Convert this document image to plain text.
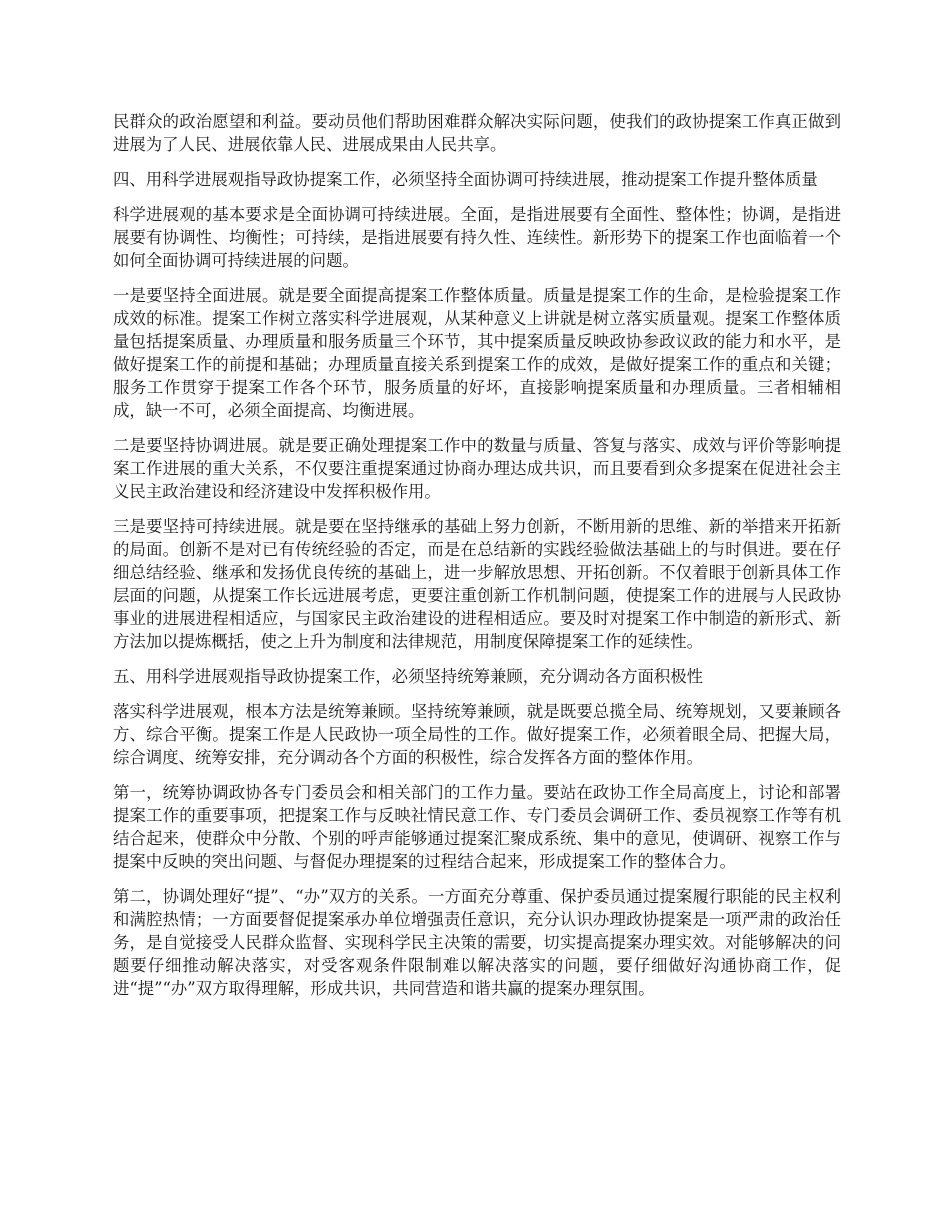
民群众的政治愿望和利益。要动员他们帮助困难群众解决实际问题，使我们的政协提案工作真正做到进展为了人民、进展依靠人民、进展成果由人民共享。

四、用科学进展观指导政协提案工作，必须坚持全面协调可持续进展，推动提案工作提升整体质量

科学进展观的基本要求是全面协调可持续进展。全面，是指进展要有全面性、整体性；协调，是指进展要有协调性、均衡性；可持续，是指进展要有持久性、连续性。新形势下的提案工作也面临着一个如何全面协调可持续进展的问题。

一是要坚持全面进展。就是要全面提高提案工作整体质量。质量是提案工作的生命，是检验提案工作成效的标准。提案工作树立落实科学进展观，从某种意义上讲就是树立落实质量观。提案工作整体质量包括提案质量、办理质量和服务质量三个环节，其中提案质量反映政协参政议政的能力和水平，是做好提案工作的前提和基础；办理质量直接关系到提案工作的成效，是做好提案工作的重点和关键；服务工作贯穿于提案工作各个环节，服务质量的好坏，直接影响提案质量和办理质量。三者相辅相成，缺一不可，必须全面提高、均衡进展。

二是要坚持协调进展。就是要正确处理提案工作中的数量与质量、答复与落实、成效与评价等影响提案工作进展的重大关系，不仅要注重提案通过协商办理达成共识，而且要看到众多提案在促进社会主义民主政治建设和经济建设中发挥积极作用。

三是要坚持可持续进展。就是要在坚持继承的基础上努力创新，不断用新的思维、新的举措来开拓新的局面。创新不是对已有传统经验的否定，而是在总结新的实践经验做法基础上的与时俱进。要在仔细总结经验、继承和发扬优良传统的基础上，进一步解放思想、开拓创新。不仅着眼于创新具体工作层面的问题，从提案工作长远进展考虑，更要注重创新工作机制问题，使提案工作的进展与人民政协事业的进展进程相适应，与国家民主政治建设的进程相适应。要及时对提案工作中制造的新形式、新方法加以提炼概括，使之上升为制度和法律规范，用制度保障提案工作的延续性。

五、用科学进展观指导政协提案工作，必须坚持统筹兼顾，充分调动各方面积极性

落实科学进展观，根本方法是统筹兼顾。坚持统筹兼顾，就是既要总揽全局、统筹规划，又要兼顾各方、综合平衡。提案工作是人民政协一项全局性的工作。做好提案工作，必须着眼全局、把握大局，综合调度、统筹安排，充分调动各个方面的积极性，综合发挥各方面的整体作用。

第一，统筹协调政协各专门委员会和相关部门的工作力量。要站在政协工作全局高度上，讨论和部署提案工作的重要事项，把提案工作与反映社情民意工作、专门委员会调研工作、委员视察工作等有机结合起来，使群众中分散、个别的呼声能够通过提案汇聚成系统、集中的意见，使调研、视察工作与提案中反映的突出问题、与督促办理提案的过程结合起来，形成提案工作的整体合力。

第二，协调处理好“提”、“办”双方的关系。一方面充分尊重、保护委员通过提案履行职能的民主权利和满腔热情；一方面要督促提案承办单位增强责任意识，充分认识办理政协提案是一项严肃的政治任务，是自觉接受人民群众监督、实现科学民主决策的需要，切实提高提案办理实效。对能够解决的问题要仔细推动解决落实，对受客观条件限制难以解决落实的问题，要仔细做好沟通协商工作，促进“提”“办”双方取得理解，形成共识，共同营造和谐共赢的提案办理氛围。
